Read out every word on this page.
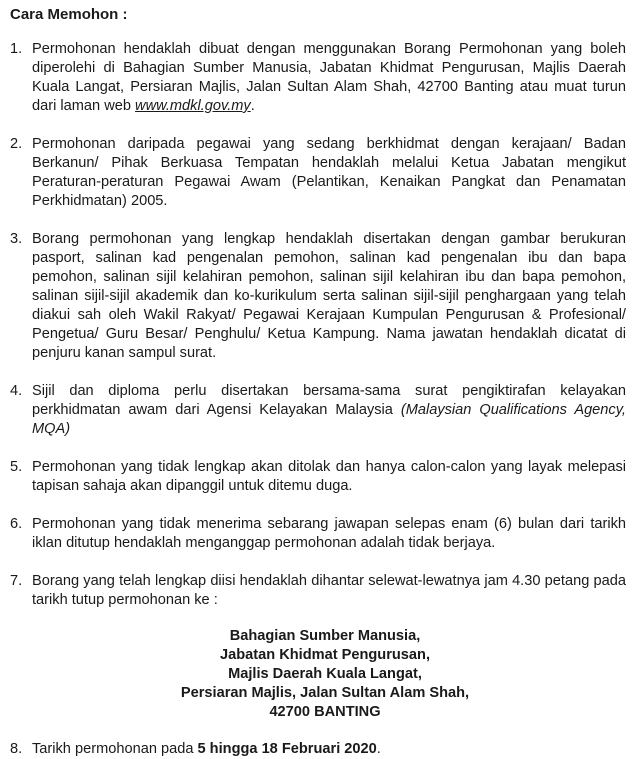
Cara Memohon :
1. Permohonan hendaklah dibuat dengan menggunakan Borang Permohonan yang boleh diperolehi di Bahagian Sumber Manusia, Jabatan Khidmat Pengurusan, Majlis Daerah Kuala Langat, Persiaran Majlis, Jalan Sultan Alam Shah, 42700 Banting atau muat turun dari laman web www.mdkl.gov.my.
2. Permohonan daripada pegawai yang sedang berkhidmat dengan kerajaan/ Badan Berkanun/ Pihak Berkuasa Tempatan hendaklah melalui Ketua Jabatan mengikut Peraturan-peraturan Pegawai Awam (Pelantikan, Kenaikan Pangkat dan Penamatan Perkhidmatan) 2005.
3. Borang permohonan yang lengkap hendaklah disertakan dengan gambar berukuran pasport, salinan kad pengenalan pemohon, salinan kad pengenalan ibu dan bapa pemohon, salinan sijil kelahiran pemohon, salinan sijil kelahiran ibu dan bapa pemohon, salinan sijil-sijil akademik dan ko-kurikulum serta salinan sijil-sijil penghargaan yang telah diakui sah oleh Wakil Rakyat/ Pegawai Kerajaan Kumpulan Pengurusan & Profesional/ Pengetua/ Guru Besar/ Penghulu/ Ketua Kampung. Nama jawatan hendaklah dicatat di penjuru kanan sampul surat.
4. Sijil dan diploma perlu disertakan bersama-sama surat pengiktirafan kelayakan perkhidmatan awam dari Agensi Kelayakan Malaysia (Malaysian Qualifications Agency, MQA)
5. Permohonan yang tidak lengkap akan ditolak dan hanya calon-calon yang layak melepasi tapisan sahaja akan dipanggil untuk ditemu duga.
6. Permohonan yang tidak menerima sebarang jawapan selepas enam (6) bulan dari tarikh iklan ditutup hendaklah menganggap permohonan adalah tidak berjaya.
7. Borang yang telah lengkap diisi hendaklah dihantar selewat-lewatnya jam 4.30 petang pada tarikh tutup permohonan ke :
Bahagian Sumber Manusia,
Jabatan Khidmat Pengurusan,
Majlis Daerah Kuala Langat,
Persiaran Majlis, Jalan Sultan Alam Shah,
42700 BANTING
8. Tarikh permohonan pada 5 hingga 18 Februari 2020.
